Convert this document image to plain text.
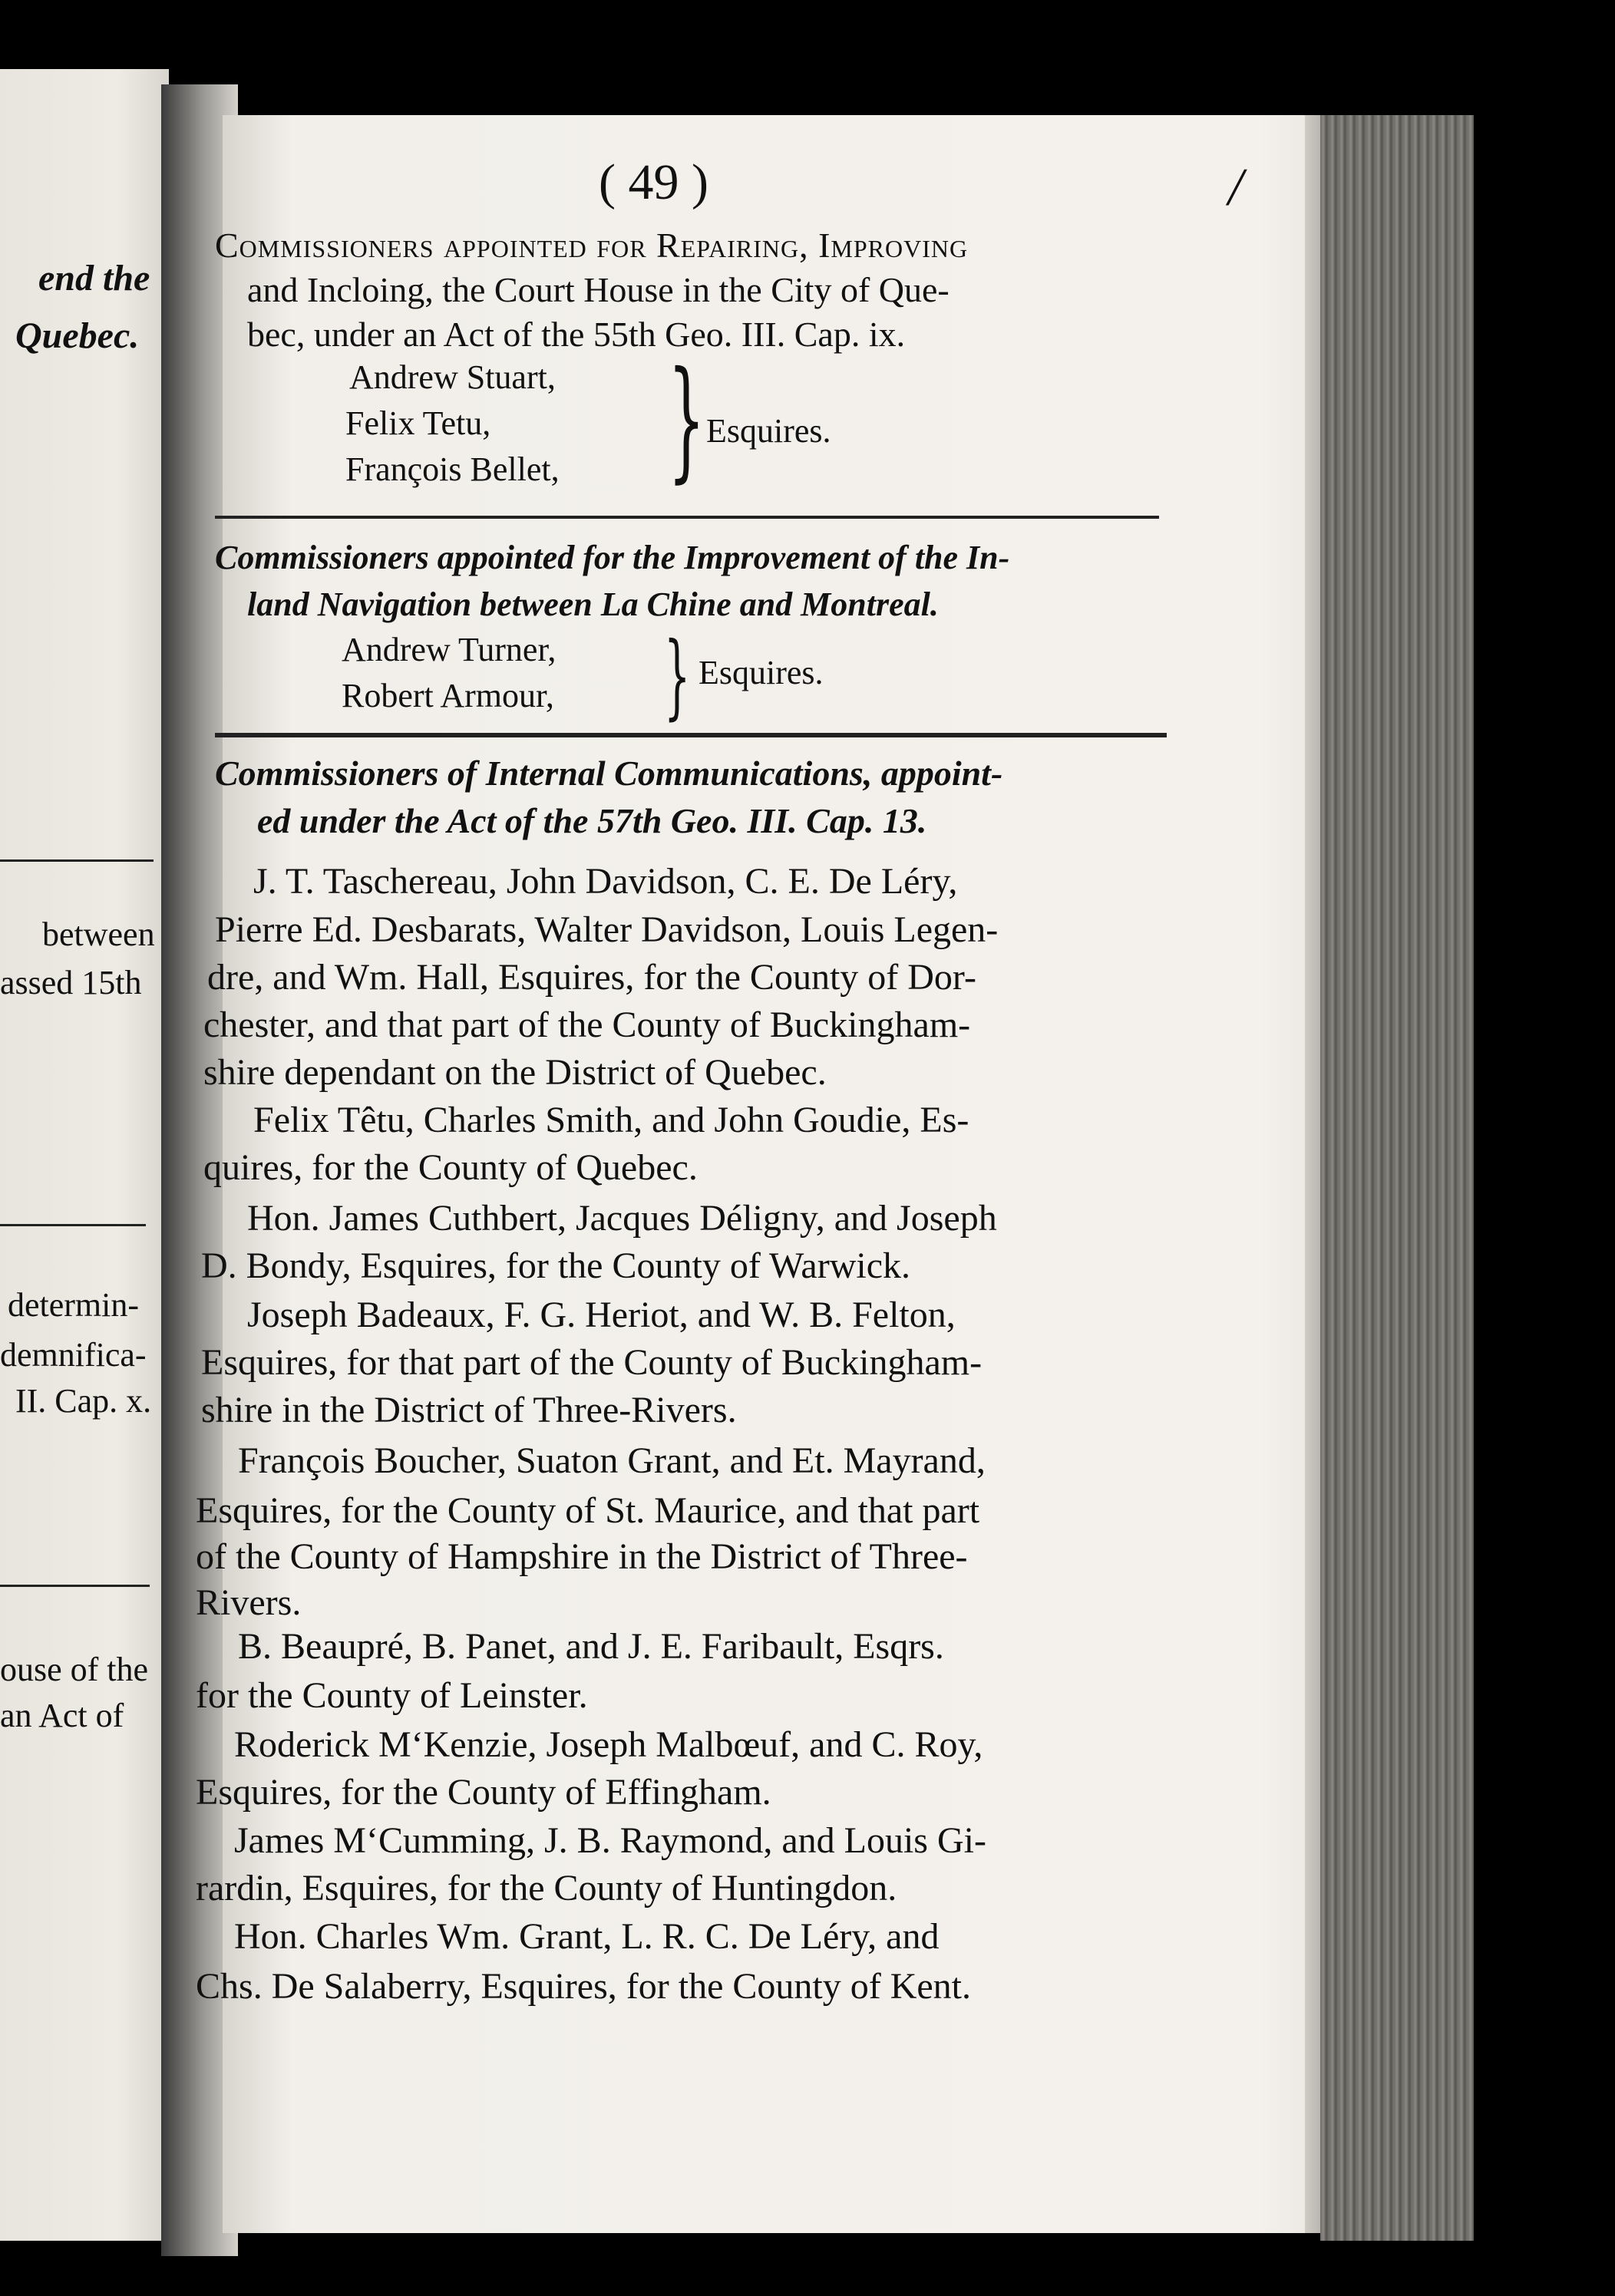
end the
Quebec.
between
assed 15th
determin-
demnifica-
II. Cap. x.
ouse of the
an Act of
( 49 )	/
Commissioners appointed for Repairing, Improving
and Incloing, the Court House in the City of Que-
bec, under an Act of the 55th Geo. III. Cap. ix.
Andrew Stuart,
Felix Tetu,
François Bellet, } Esquires.
Commissioners appointed for the Improvement of the In-
land Navigation between La Chine and Montreal.
Andrew Turner,
Robert Armour, } Esquires.
Commissioners of Internal Communications, appoint-
ed under the Act of the 57th Geo. III. Cap. 13.
J. T. Taschereau, John Davidson, C. E. De Léry,
Pierre Ed. Desbarats, Walter Davidson, Louis Legen-
dre, and Wm. Hall, Esquires, for the County of Dor-
chester, and that part of the County of Buckingham-
shire dependant on the District of Quebec.
Felix Têtu, Charles Smith, and John Goudie, Es-
quires, for the County of Quebec.
Hon. James Cuthbert, Jacques Déligny, and Joseph
D. Bondy, Esquires, for the County of Warwick.
Joseph Badeaux, F. G. Heriot, and W. B. Felton,
Esquires, for that part of the County of Buckingham-
shire in the District of Three-Rivers.
François Boucher, Suaton Grant, and Et. Mayrand,
Esquires, for the County of St. Maurice, and that part
of the County of Hampshire in the District of Three-
Rivers.
B. Beaupré, B. Panet, and J. E. Faribault, Esqrs.
for the County of Leinster.
Roderick M‘Kenzie, Joseph Malbœuf, and C. Roy,
Esquires, for the County of Effingham.
James M‘Cumming, J. B. Raymond, and Louis Gi-
rardin, Esquires, for the County of Huntingdon.
Hon. Charles Wm. Grant, L. R. C. De Léry, and
Chs. De Salaberry, Esquires, for the County of Kent.
